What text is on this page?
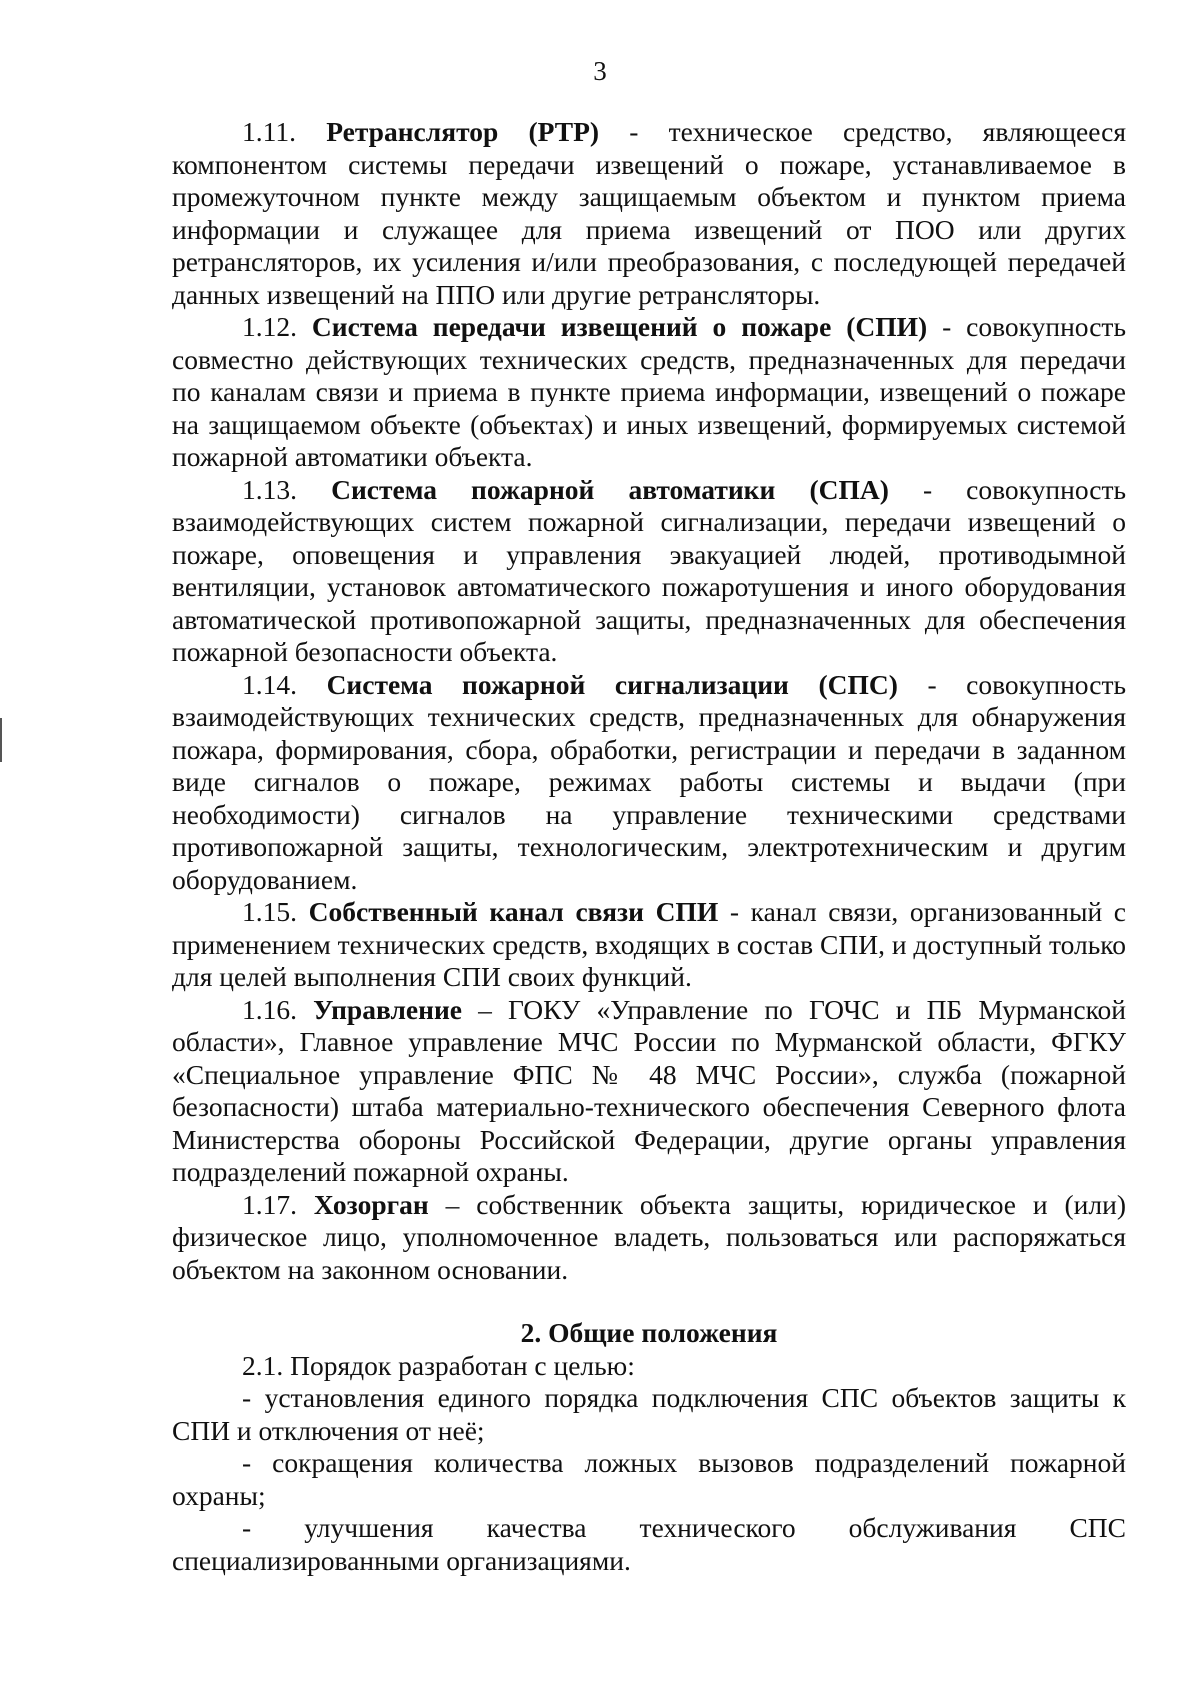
3

1.11. Ретранслятор (РТР) - техническое средство, являющееся компонентом системы передачи извещений о пожаре, устанавливаемое в промежуточном пункте между защищаемым объектом и пунктом приема информации и служащее для приема извещений от ПОО или других ретрансляторов, их усиления и/или преобразования, с последующей передачей данных извещений на ППО или другие ретрансляторы.

1.12. Система передачи извещений о пожаре (СПИ) - совокупность совместно действующих технических средств, предназначенных для передачи по каналам связи и приема в пункте приема информации, извещений о пожаре на защищаемом объекте (объектах) и иных извещений, формируемых системой пожарной автоматики объекта.

1.13. Система пожарной автоматики (СПА) - совокупность взаимодействующих систем пожарной сигнализации, передачи извещений о пожаре, оповещения и управления эвакуацией людей, противодымной вентиляции, установок автоматического пожаротушения и иного оборудования автоматической противопожарной защиты, предназначенных для обеспечения пожарной безопасности объекта.

1.14. Система пожарной сигнализации (СПС) - совокупность взаимодействующих технических средств, предназначенных для обнаружения пожара, формирования, сбора, обработки, регистрации и передачи в заданном виде сигналов о пожаре, режимах работы системы и выдачи (при необходимости) сигналов на управление техническими средствами противопожарной защиты, технологическим, электротехническим и другим оборудованием.

1.15. Собственный канал связи СПИ - канал связи, организованный с применением технических средств, входящих в состав СПИ, и доступный только для целей выполнения СПИ своих функций.

1.16. Управление – ГОКУ «Управление по ГОЧС и ПБ Мурманской области», Главное управление МЧС России по Мурманской области, ФГКУ «Специальное управление ФПС № 48 МЧС России», служба (пожарной безопасности) штаба материально-технического обеспечения Северного флота Министерства обороны Российской Федерации, другие органы управления подразделений пожарной охраны.

1.17. Хозорган – собственник объекта защиты, юридическое и (или) физическое лицо, уполномоченное владеть, пользоваться или распоряжаться объектом на законном основании.

2. Общие положения

2.1. Порядок разработан с целью:

- установления единого порядка подключения СПС объектов защиты к СПИ и отключения от неё;

- сокращения количества ложных вызовов подразделений пожарной охраны;

- улучшения качества технического обслуживания СПС специализированными организациями.
